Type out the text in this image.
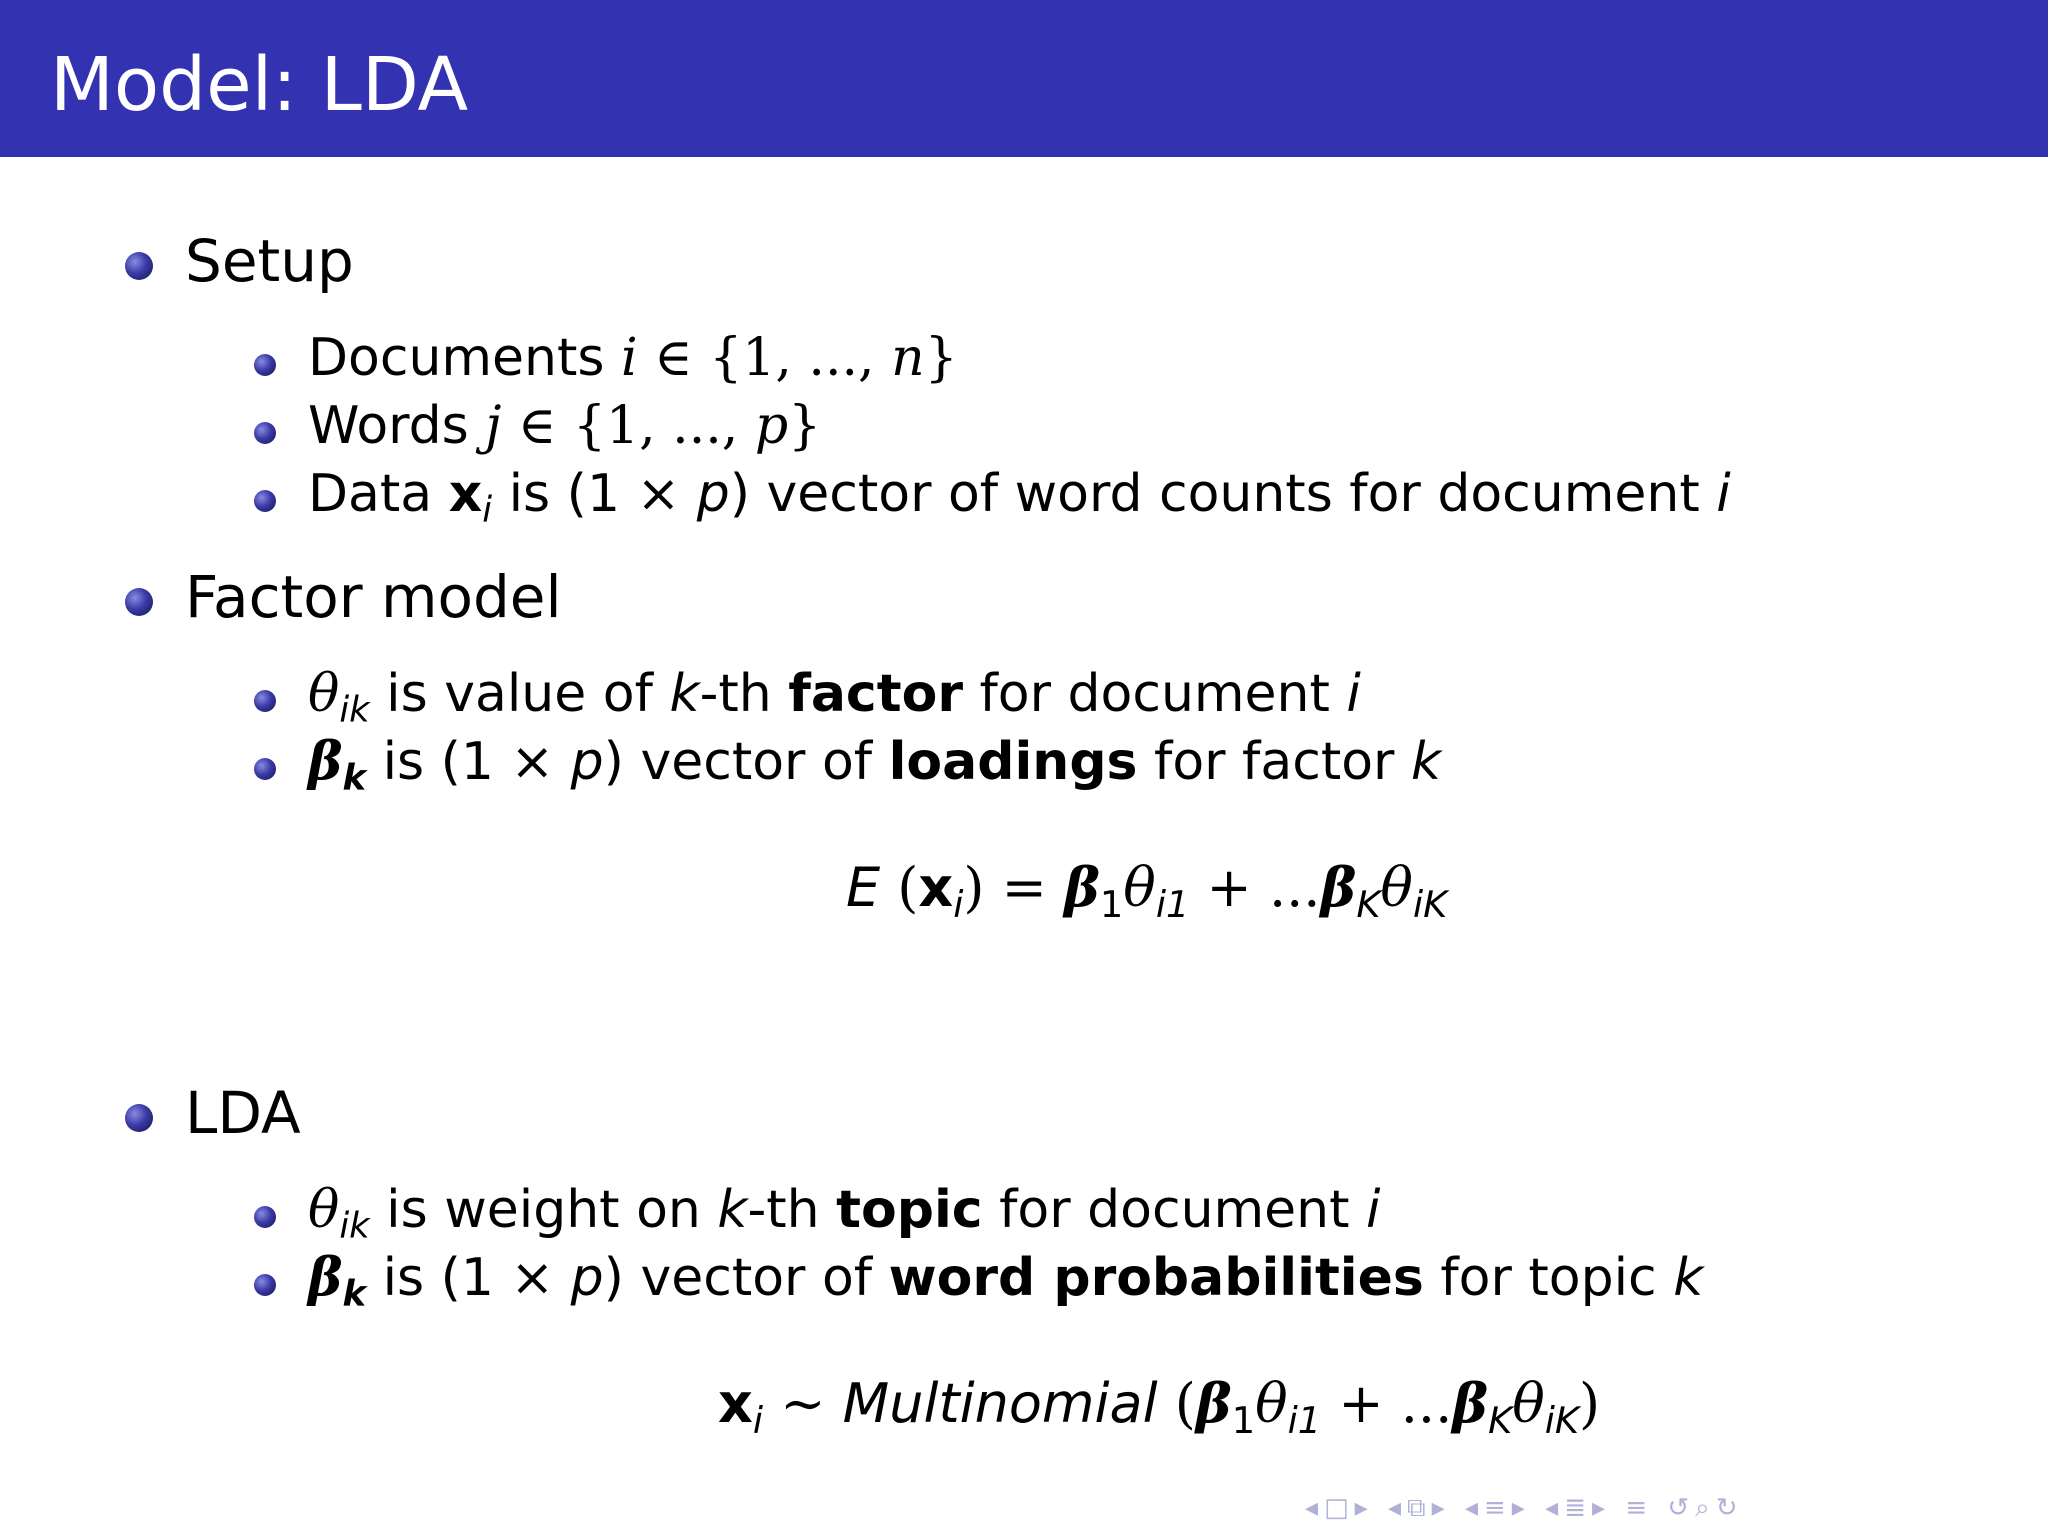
Model: LDA
Setup
Documents i ∈ {1, ..., n}
Words j ∈ {1, ..., p}
Data $x_i$ is (1 × p) vector of word counts for document i
Factor model
$\theta_{ik}$ is value of k-th factor for document i
$\beta_k$ is (1 × p) vector of loadings for factor k
E $(x_i) = \beta_1\theta_{i1} + ...\beta_K\theta_{iK}$
LDA
$\theta_{ik}$ is weight on k-th topic for document i
$\beta_k$ is (1 × p) vector of word probabilities for topic k
$x_i$ ∼ Multinomial $(\beta_1\theta_{i1} + ...\beta_K\theta_{iK})$
◂□▸ ◂⧉▸ ◂≡▸ ◂≣▸ ≡ ↺⌕↻
